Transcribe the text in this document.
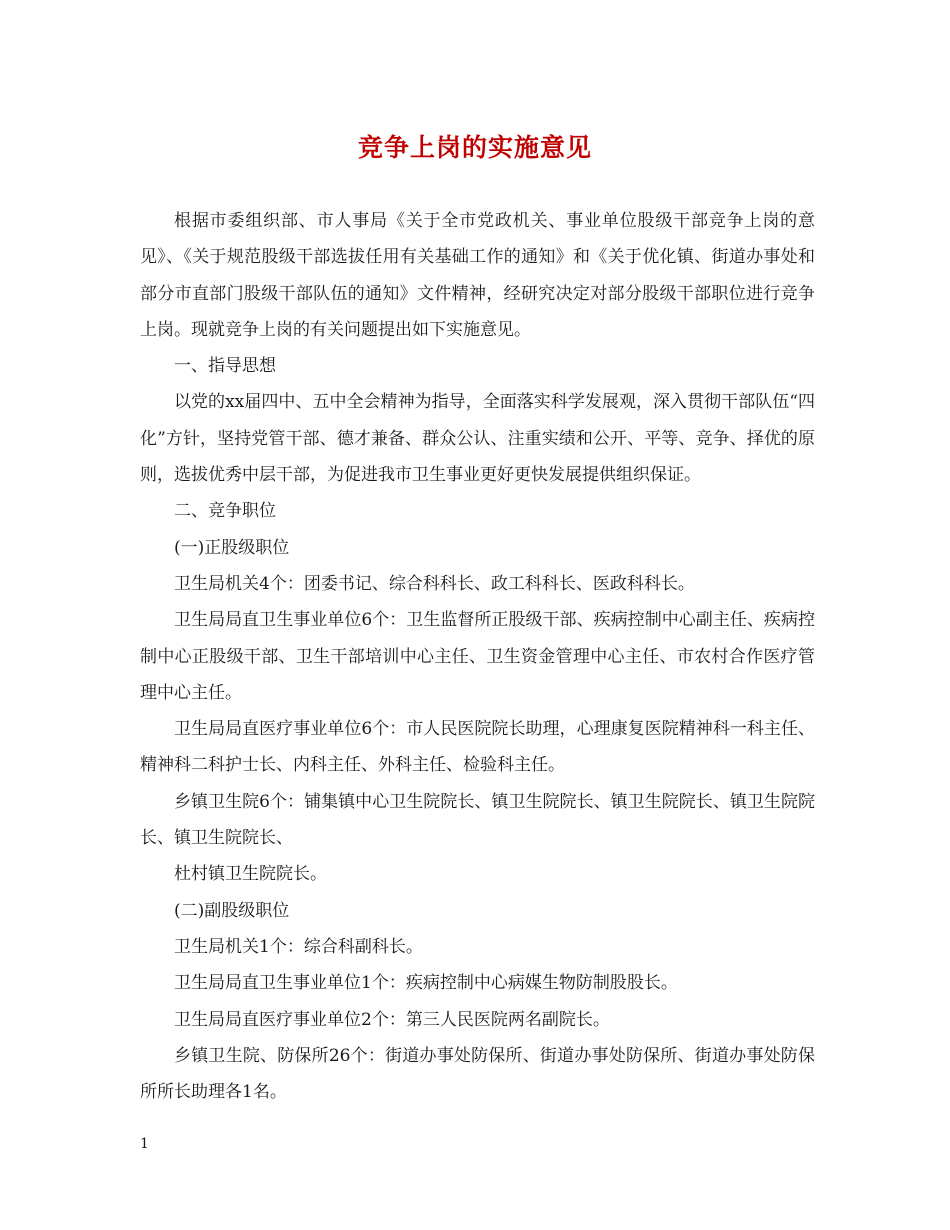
竞争上岗的实施意见

根据市委组织部、市人事局《关于全市党政机关、事业单位股级干部竞争上岗的意见》、《关于规范股级干部选拔任用有关基础工作的通知》和《关于优化镇、街道办事处和部分市直部门股级干部队伍的通知》文件精神，经研究决定对部分股级干部职位进行竞争上岗。现就竞争上岗的有关问题提出如下实施意见。

一、指导思想

以党的xx届四中、五中全会精神为指导，全面落实科学发展观，深入贯彻干部队伍“四化”方针，坚持党管干部、德才兼备、群众公认、注重实绩和公开、平等、竞争、择优的原则，选拔优秀中层干部，为促进我市卫生事业更好更快发展提供组织保证。

二、竞争职位

(一)正股级职位

卫生局机关4个：团委书记、综合科科长、政工科科长、医政科科长。

卫生局局直卫生事业单位6个：卫生监督所正股级干部、疾病控制中心副主任、疾病控制中心正股级干部、卫生干部培训中心主任、卫生资金管理中心主任、市农村合作医疗管理中心主任。

卫生局局直医疗事业单位6个：市人民医院院长助理，心理康复医院精神科一科主任、精神科二科护士长、内科主任、外科主任、检验科主任。

乡镇卫生院6个：铺集镇中心卫生院院长、镇卫生院院长、镇卫生院院长、镇卫生院院长、镇卫生院院长、

杜村镇卫生院院长。

(二)副股级职位

卫生局机关1个：综合科副科长。

卫生局局直卫生事业单位1个：疾病控制中心病媒生物防制股股长。

卫生局局直医疗事业单位2个：第三人民医院两名副院长。

乡镇卫生院、防保所26个：街道办事处防保所、街道办事处防保所、街道办事处防保所所长助理各1名。

1
